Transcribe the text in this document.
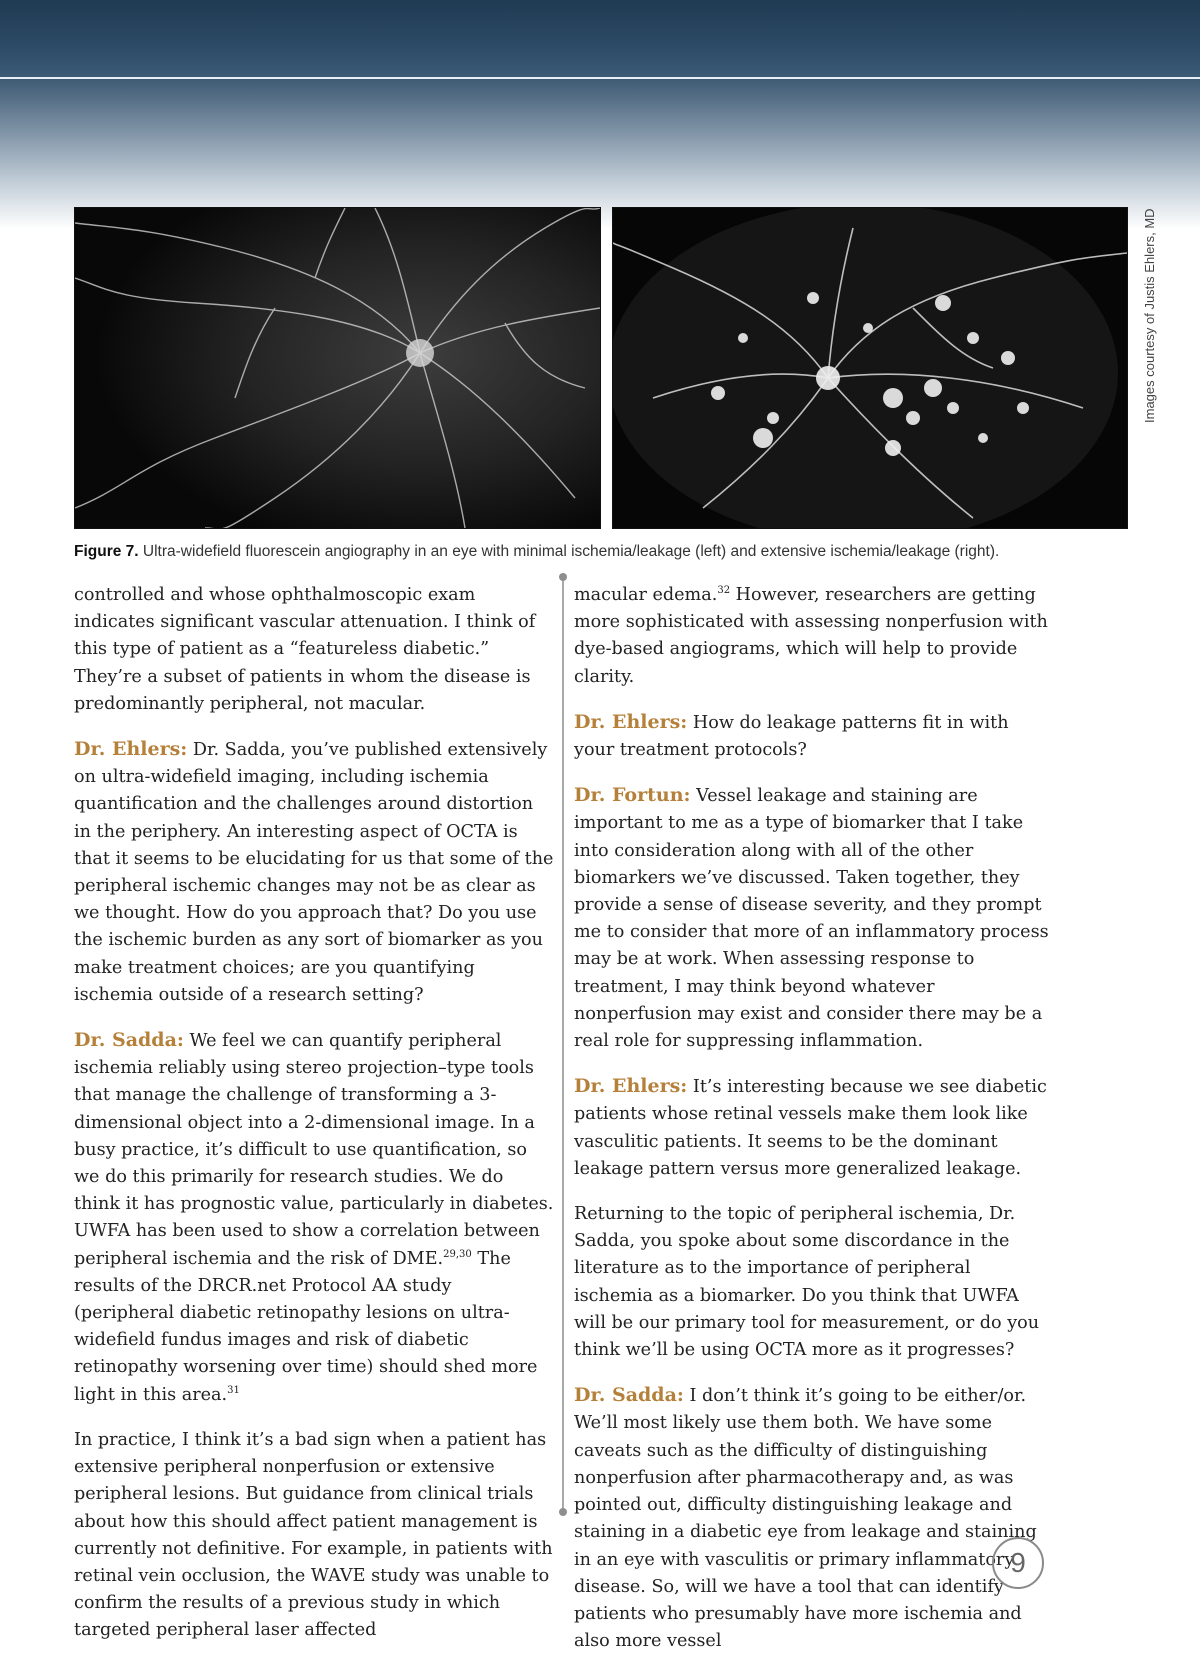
Images courtesy of Justis Ehlers, MD
Figure 7. Ultra-widefield fluorescein angiography in an eye with minimal ischemia/leakage (left) and extensive ischemia/leakage (right).

controlled and whose ophthalmoscopic exam indicates significant vascular attenuation. I think of this type of patient as a “featureless diabetic.” They’re a subset of patients in whom the disease is predominantly peripheral, not macular.

Dr. Ehlers: Dr. Sadda, you’ve published extensively on ultra-widefield imaging, including ischemia quantification and the challenges around distortion in the periphery. An interesting aspect of OCTA is that it seems to be elucidating for us that some of the peripheral ischemic changes may not be as clear as we thought. How do you approach that? Do you use the ischemic burden as any sort of biomarker as you make treatment choices; are you quantifying ischemia outside of a research setting?

Dr. Sadda: We feel we can quantify peripheral ischemia reliably using stereo projection–type tools that manage the challenge of transforming a 3-dimensional object into a 2-dimensional image. In a busy practice, it’s difficult to use quantification, so we do this primarily for research studies. We do think it has prognostic value, particularly in diabetes. UWFA has been used to show a correlation between peripheral ischemia and the risk of DME.$^{29,30}$ The results of the DRCR.net Protocol AA study (peripheral diabetic retinopathy lesions on ultra-widefield fundus images and risk of diabetic retinopathy worsening over time) should shed more light in this area.$^{31}$

In practice, I think it’s a bad sign when a patient has extensive peripheral nonperfusion or extensive peripheral lesions. But guidance from clinical trials about how this should affect patient management is currently not definitive. For example, in patients with retinal vein occlusion, the WAVE study was unable to confirm the results of a previous study in which targeted peripheral laser affected

macular edema.$^{32}$ However, researchers are getting more sophisticated with assessing nonperfusion with dye-based angiograms, which will help to provide clarity.

Dr. Ehlers: How do leakage patterns fit in with your treatment protocols?

Dr. Fortun: Vessel leakage and staining are important to me as a type of biomarker that I take into consideration along with all of the other biomarkers we’ve discussed. Taken together, they provide a sense of disease severity, and they prompt me to consider that more of an inflammatory process may be at work. When assessing response to treatment, I may think beyond whatever nonperfusion may exist and consider there may be a real role for suppressing inflammation.

Dr. Ehlers: It’s interesting because we see diabetic patients whose retinal vessels make them look like vasculitic patients. It seems to be the dominant leakage pattern versus more generalized leakage.

Returning to the topic of peripheral ischemia, Dr. Sadda, you spoke about some discordance in the literature as to the importance of peripheral ischemia as a biomarker. Do you think that UWFA will be our primary tool for measurement, or do you think we’ll be using OCTA more as it progresses?

Dr. Sadda: I don’t think it’s going to be either/or. We’ll most likely use them both. We have some caveats such as the difficulty of distinguishing nonperfusion after pharmacotherapy and, as was pointed out, difficulty distinguishing leakage and staining in a diabetic eye from leakage and staining in an eye with vasculitis or primary inflammatory disease. So, will we have a tool that can identify patients who presumably have more ischemia and also more vessel

9
